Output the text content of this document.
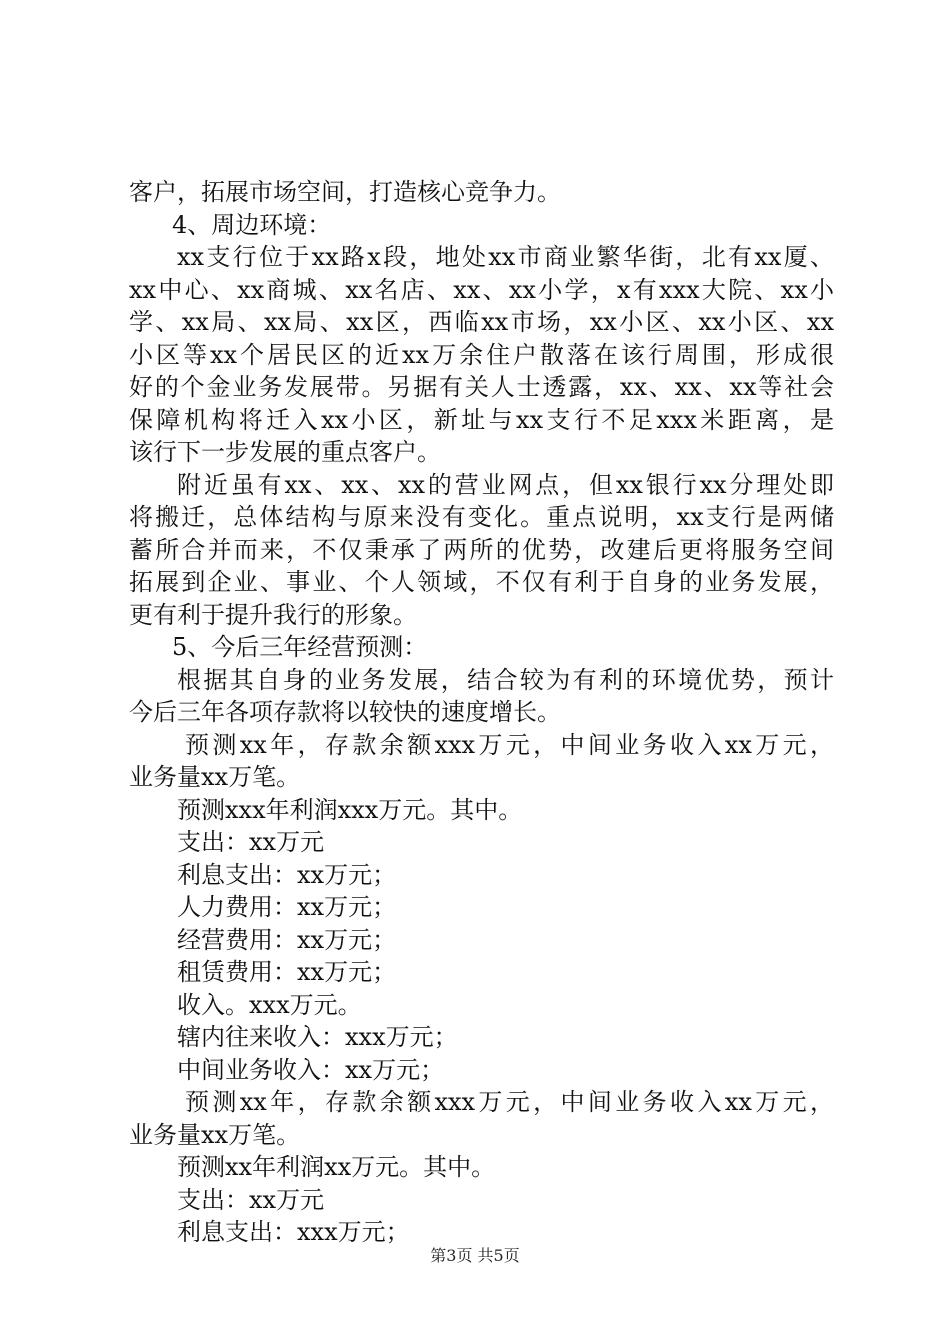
客户，拓展市场空间，打造核心竞争力。
4、周边环境：
xx支行位于xx路x段，地处xx市商业繁华街，北有xx厦、
xx中心、xx商城、xx名店、xx、xx小学，x有xxx大院、xx小
学、xx局、xx局、xx区，西临xx市场，xx小区、xx小区、xx
小区等xx个居民区的近xx万余住户散落在该行周围，形成很
好的个金业务发展带。另据有关人士透露，xx、xx、xx等社会
保障机构将迁入xx小区，新址与xx支行不足xxx米距离，是
该行下一步发展的重点客户。
附近虽有xx、xx、xx的营业网点，但xx银行xx分理处即
将搬迁，总体结构与原来没有变化。重点说明，xx支行是两储
蓄所合并而来，不仅秉承了两所的优势，改建后更将服务空间
拓展到企业、事业、个人领域，不仅有利于自身的业务发展，
更有利于提升我行的形象。
5、今后三年经营预测：
根据其自身的业务发展，结合较为有利的环境优势，预计
今后三年各项存款将以较快的速度增长。
预测xx年，存款余额xxx万元，中间业务收入xx万元，
业务量xx万笔。
预测xxx年利润xxx万元。其中。
支出：xx万元
利息支出：xx万元；
人力费用：xx万元；
经营费用：xx万元；
租赁费用：xx万元；
收入。xxx万元。
辖内往来收入：xxx万元；
中间业务收入：xx万元；
预测xx年，存款余额xxx万元，中间业务收入xx万元，
业务量xx万笔。
预测xx年利润xx万元。其中。
支出：xx万元
利息支出：xxx万元；
第3页 共5页
